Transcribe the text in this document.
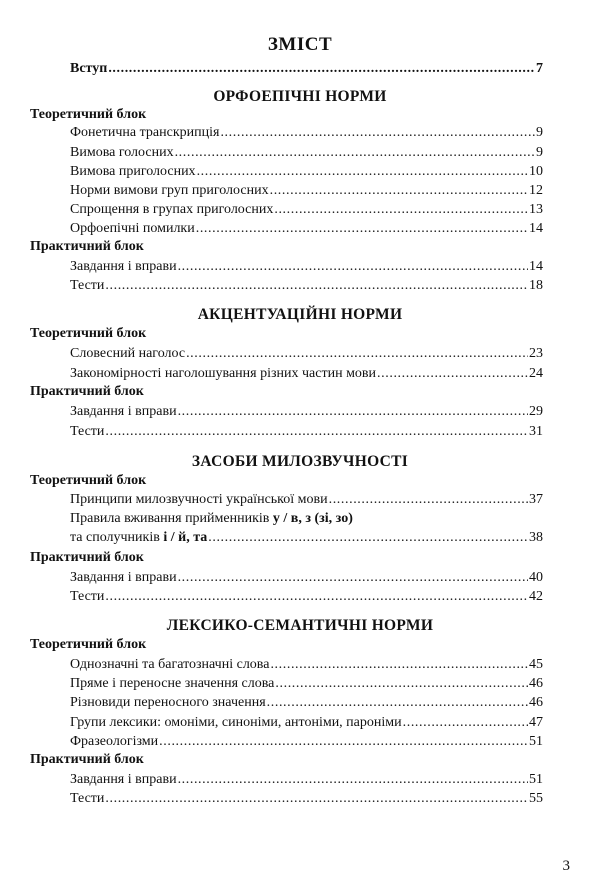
ЗМІСТ
Вступ .....	7
ОРФОЕПІЧНІ НОРМИ
Теоретичний блок
Фонетична транскрипція .....	9
Вимова голосних .....	9
Вимова приголосних .....	10
Норми вимови груп приголосних .....	12
Спрощення в групах приголосних .....	13
Орфоепічні помилки .....	14
Практичний блок
Завдання і вправи .....	14
Тести .....	18
АКЦЕНТУАЦІЙНІ НОРМИ
Теоретичний блок
Словесний наголос .....	23
Закономірності наголошування різних частин мови .....	24
Практичний блок
Завдання і вправи .....	29
Тести .....	31
ЗАСОБИ МИЛОЗВУЧНОСТІ
Теоретичний блок
Принципи милозвучності української мови .....	37
Правила вживання прийменників у / в, з (зі, зо)
та сполучників і / й, та .....	38
Практичний блок
Завдання і вправи .....	40
Тести .....	42
ЛЕКСИКО-СЕМАНТИЧНІ НОРМИ
Теоретичний блок
Однозначні та багатозначні слова .....	45
Пряме і переносне значення слова .....	46
Різновиди переносного значення .....	46
Групи лексики: омоніми, синоніми, антоніми, пароніми .....	47
Фразеологізми .....	51
Практичний блок
Завдання і вправи .....	51
Тести .....	55
3
